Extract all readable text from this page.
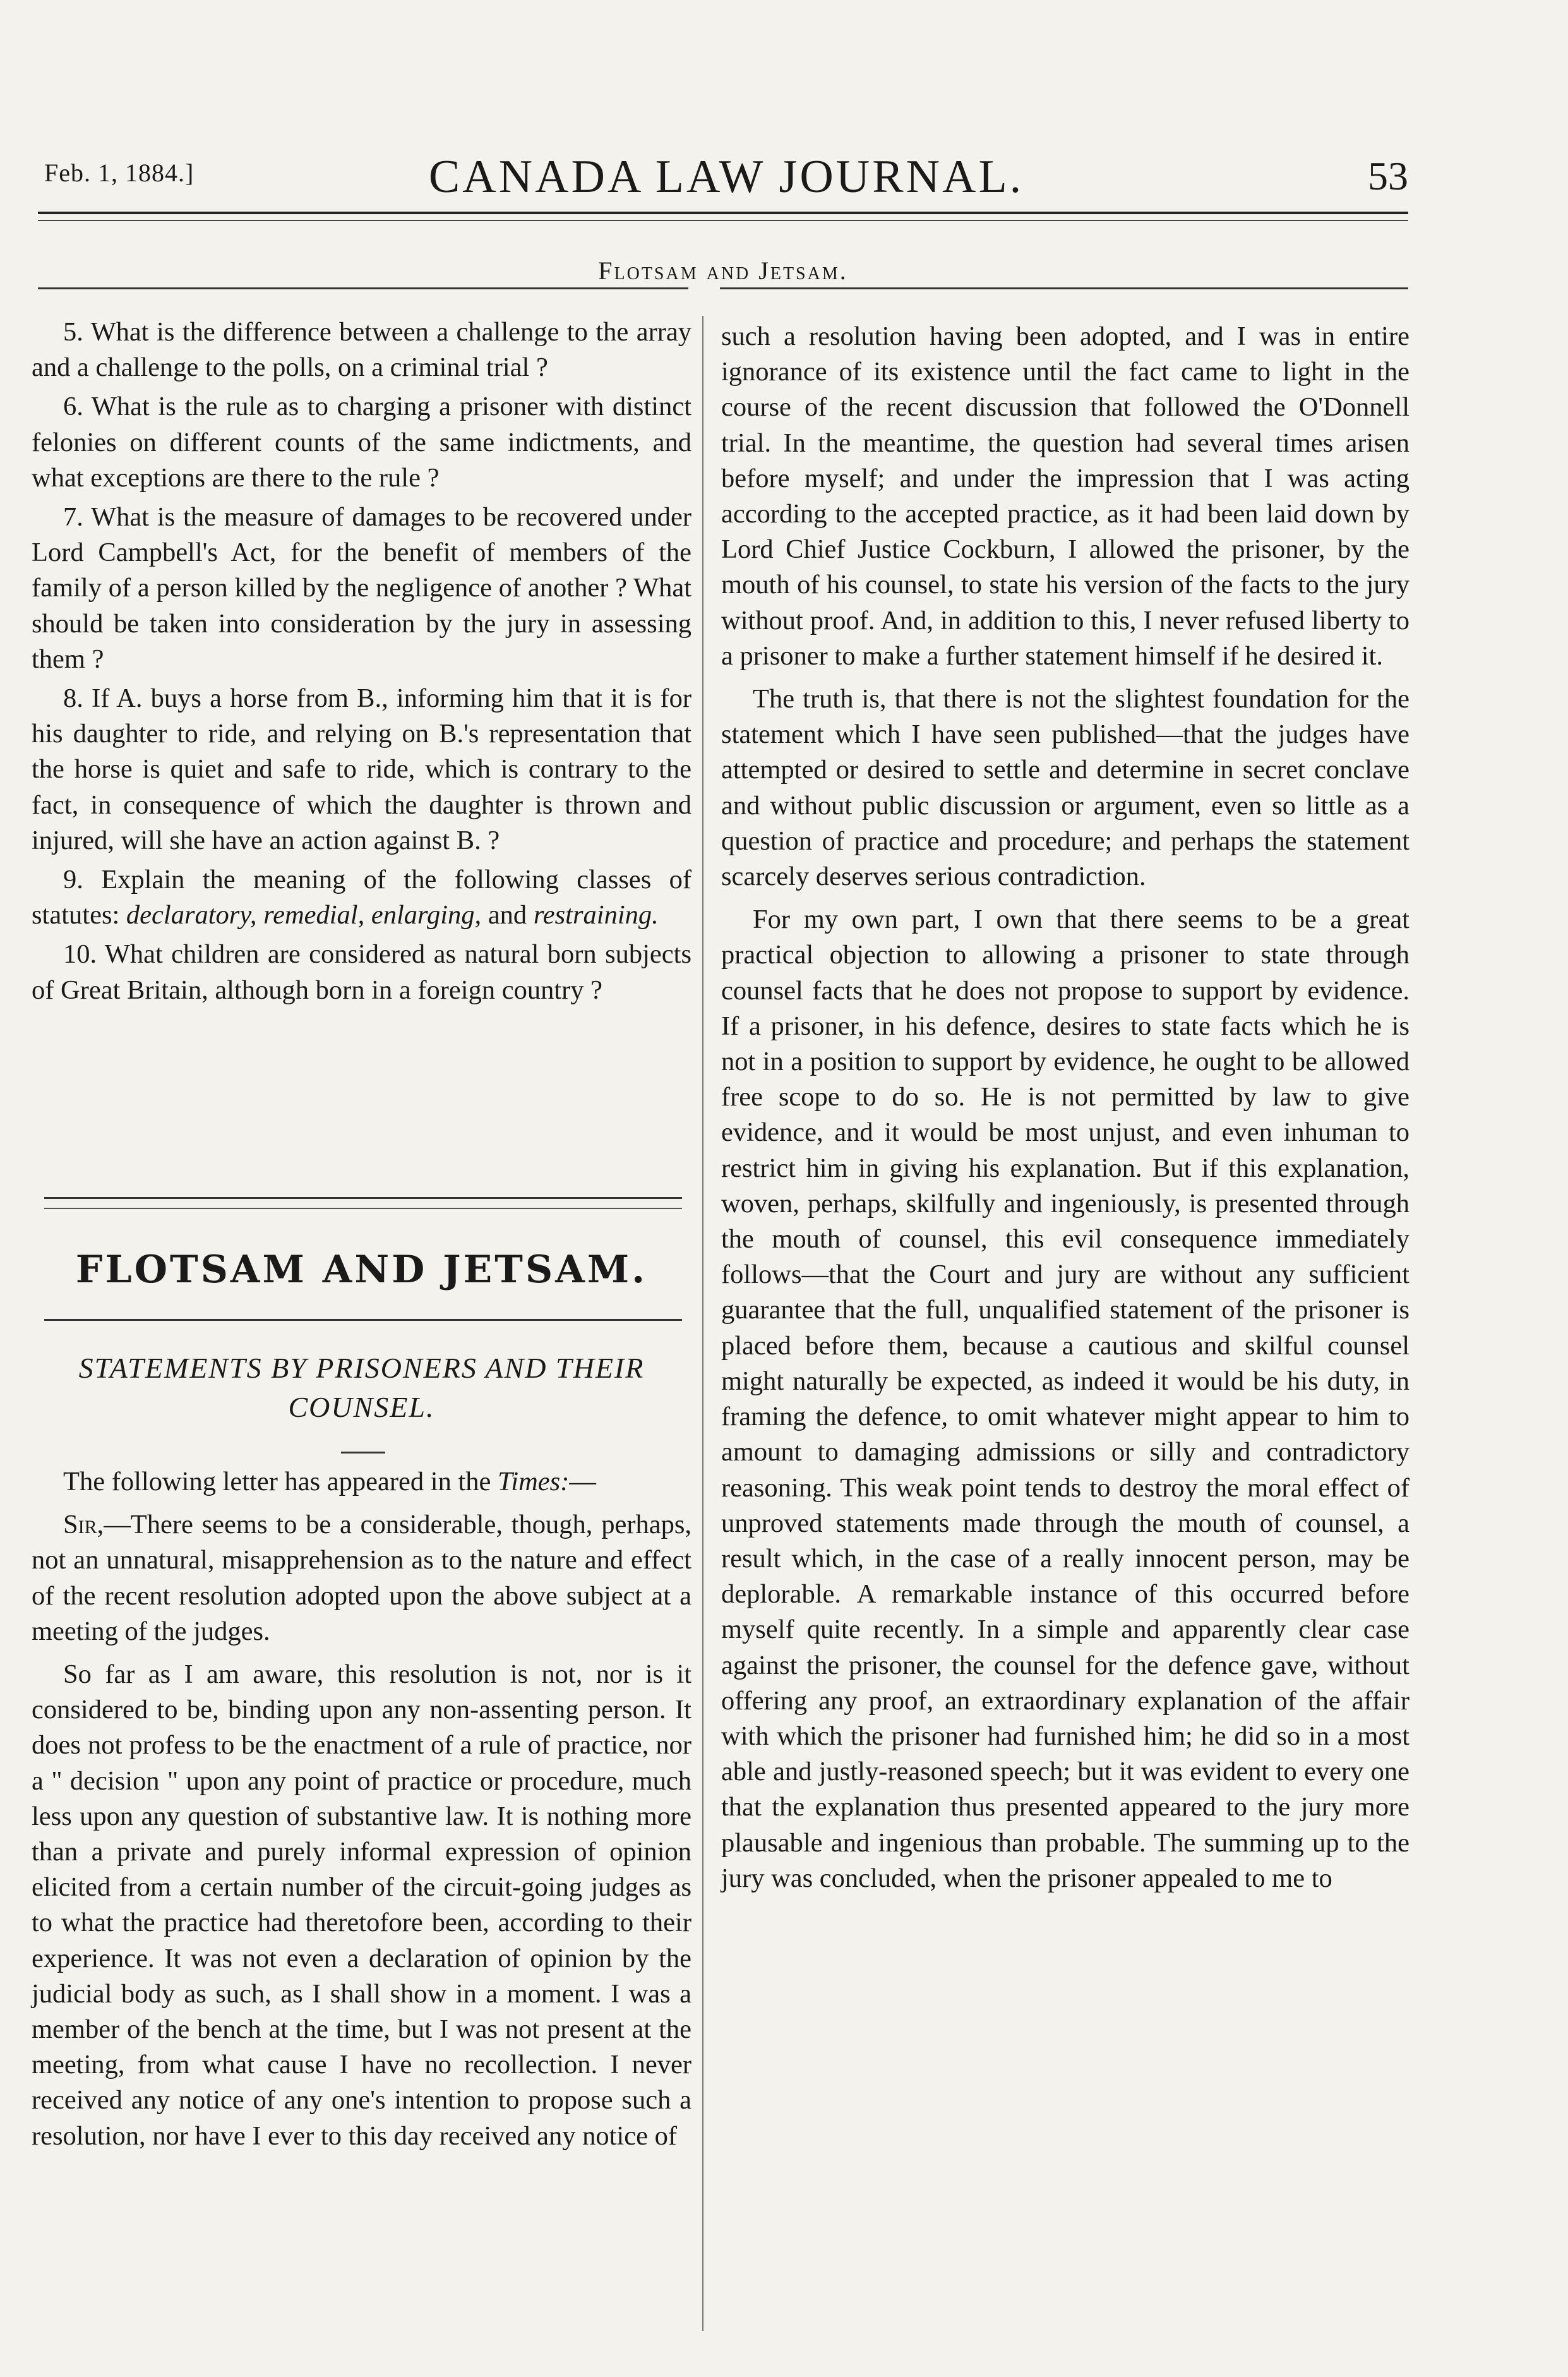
Feb. 1, 1884.]	CANADA LAW JOURNAL.	53
Flotsam and Jetsam.

5. What is the difference between a challenge to the array and a challenge to the polls, on a criminal trial ?

6. What is the rule as to charging a prisoner with distinct felonies on different counts of the same indictments, and what exceptions are there to the rule ?

7. What is the measure of damages to be recovered under Lord Campbell's Act, for the benefit of members of the family of a person killed by the negligence of another ? What should be taken into consideration by the jury in assessing them ?

8. If A. buys a horse from B., informing him that it is for his daughter to ride, and relying on B.'s representation that the horse is quiet and safe to ride, which is contrary to the fact, in consequence of which the daughter is thrown and injured, will she have an action against B. ?

9. Explain the meaning of the following classes of statutes: declaratory, remedial, enlarging, and restraining.

10. What children are considered as natural born subjects of Great Britain, although born in a foreign country ?

FLOTSAM AND JETSAM.
STATEMENTS BY PRISONERS AND THEIR COUNSEL.

The following letter has appeared in the Times:—

Sir,—There seems to be a considerable, though, perhaps, not an unnatural, misapprehension as to the nature and effect of the recent resolution adopted upon the above subject at a meeting of the judges.

So far as I am aware, this resolution is not, nor is it considered to be, binding upon any non-assenting person. It does not profess to be the enactment of a rule of practice, nor a " decision " upon any point of practice or procedure, much less upon any question of substantive law. It is nothing more than a private and purely informal expression of opinion elicited from a certain number of the circuit-going judges as to what the practice had theretofore been, according to their experience. It was not even a declaration of opinion by the judicial body as such, as I shall show in a moment. I was a member of the bench at the time, but I was not present at the meeting, from what cause I have no recollection. I never received any notice of any one's intention to propose such a resolution, nor have I ever to this day received any notice of

such a resolution having been adopted, and I was in entire ignorance of its existence until the fact came to light in the course of the recent discussion that followed the O'Donnell trial. In the meantime, the question had several times arisen before myself; and under the impression that I was acting according to the accepted practice, as it had been laid down by Lord Chief Justice Cockburn, I allowed the prisoner, by the mouth of his counsel, to state his version of the facts to the jury without proof. And, in addition to this, I never refused liberty to a prisoner to make a further statement himself if he desired it.

The truth is, that there is not the slightest foundation for the statement which I have seen published—that the judges have attempted or desired to settle and determine in secret conclave and without public discussion or argument, even so little as a question of practice and procedure; and perhaps the statement scarcely deserves serious contradiction.

For my own part, I own that there seems to be a great practical objection to allowing a prisoner to state through counsel facts that he does not propose to support by evidence. If a prisoner, in his defence, desires to state facts which he is not in a position to support by evidence, he ought to be allowed free scope to do so. He is not permitted by law to give evidence, and it would be most unjust, and even inhuman to restrict him in giving his explanation. But if this explanation, woven, perhaps, skilfully and ingeniously, is presented through the mouth of counsel, this evil consequence immediately follows—that the Court and jury are without any sufficient guarantee that the full, unqualified statement of the prisoner is placed before them, because a cautious and skilful counsel might naturally be expected, as indeed it would be his duty, in framing the defence, to omit whatever might appear to him to amount to damaging admissions or silly and contradictory reasoning. This weak point tends to destroy the moral effect of unproved statements made through the mouth of counsel, a result which, in the case of a really innocent person, may be deplorable. A remarkable instance of this occurred before myself quite recently. In a simple and apparently clear case against the prisoner, the counsel for the defence gave, without offering any proof, an extraordinary explanation of the affair with which the prisoner had furnished him; he did so in a most able and justly-reasoned speech; but it was evident to every one that the explanation thus presented appeared to the jury more plausable and ingenious than probable. The summing up to the jury was concluded, when the prisoner appealed to me to
